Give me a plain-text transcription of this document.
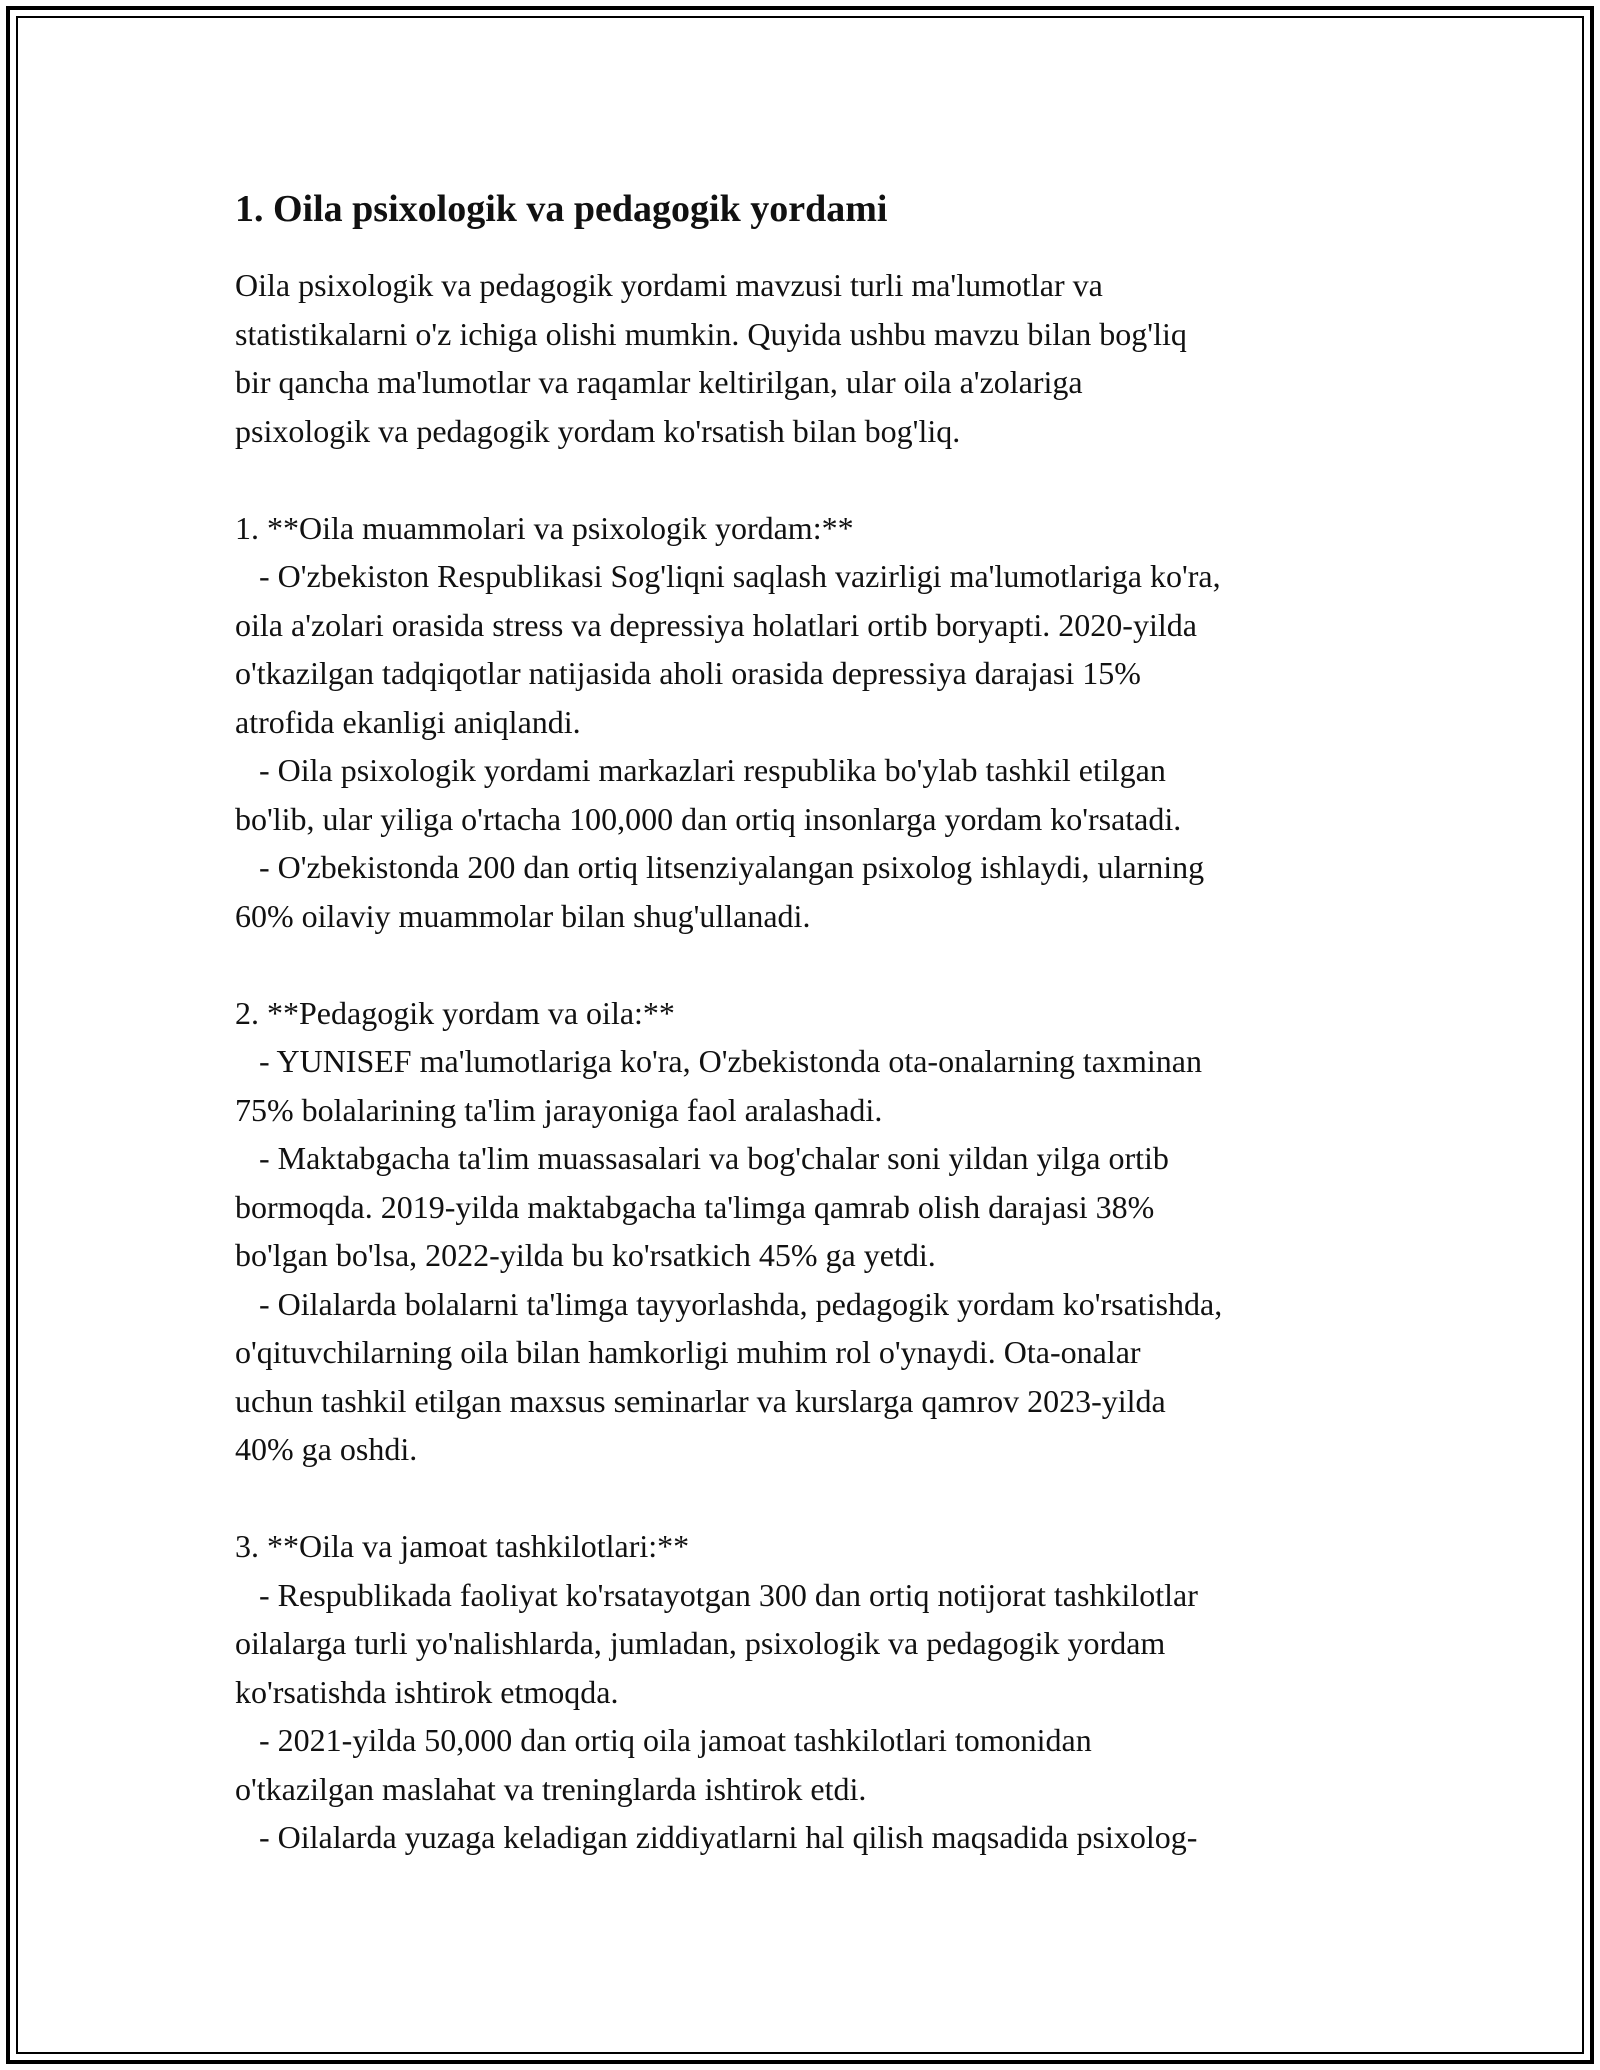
1. Oila psixologik va pedagogik yordami
Oila psixologik va pedagogik yordami mavzusi turli ma'lumotlar va
statistikalarni o'z ichiga olishi mumkin. Quyida ushbu mavzu bilan bog'liq
bir qancha ma'lumotlar va raqamlar keltirilgan, ular oila a'zolariga
psixologik va pedagogik yordam ko'rsatish bilan bog'liq.
1. **Oila muammolari va psixologik yordam:**
- O'zbekiston Respublikasi Sog'liqni saqlash vazirligi ma'lumotlariga ko'ra,
oila a'zolari orasida stress va depressiya holatlari ortib boryapti. 2020-yilda
o'tkazilgan tadqiqotlar natijasida aholi orasida depressiya darajasi 15%
atrofida ekanligi aniqlandi.
- Oila psixologik yordami markazlari respublika bo'ylab tashkil etilgan
bo'lib, ular yiliga o'rtacha 100,000 dan ortiq insonlarga yordam ko'rsatadi.
- O'zbekistonda 200 dan ortiq litsenziyalangan psixolog ishlaydi, ularning
60% oilaviy muammolar bilan shug'ullanadi.
2. **Pedagogik yordam va oila:**
- YUNISEF ma'lumotlariga ko'ra, O'zbekistonda ota-onalarning taxminan
75% bolalarining ta'lim jarayoniga faol aralashadi.
- Maktabgacha ta'lim muassasalari va bog'chalar soni yildan yilga ortib
bormoqda. 2019-yilda maktabgacha ta'limga qamrab olish darajasi 38%
bo'lgan bo'lsa, 2022-yilda bu ko'rsatkich 45% ga yetdi.
- Oilalarda bolalarni ta'limga tayyorlashda, pedagogik yordam ko'rsatishda,
o'qituvchilarning oila bilan hamkorligi muhim rol o'ynaydi. Ota-onalar
uchun tashkil etilgan maxsus seminarlar va kurslarga qamrov 2023-yilda
40% ga oshdi.
3. **Oila va jamoat tashkilotlari:**
- Respublikada faoliyat ko'rsatayotgan 300 dan ortiq notijorat tashkilotlar
oilalarga turli yo'nalishlarda, jumladan, psixologik va pedagogik yordam
ko'rsatishda ishtirok etmoqda.
- 2021-yilda 50,000 dan ortiq oila jamoat tashkilotlari tomonidan
o'tkazilgan maslahat va treninglarda ishtirok etdi.
- Oilalarda yuzaga keladigan ziddiyatlarni hal qilish maqsadida psixolog-
